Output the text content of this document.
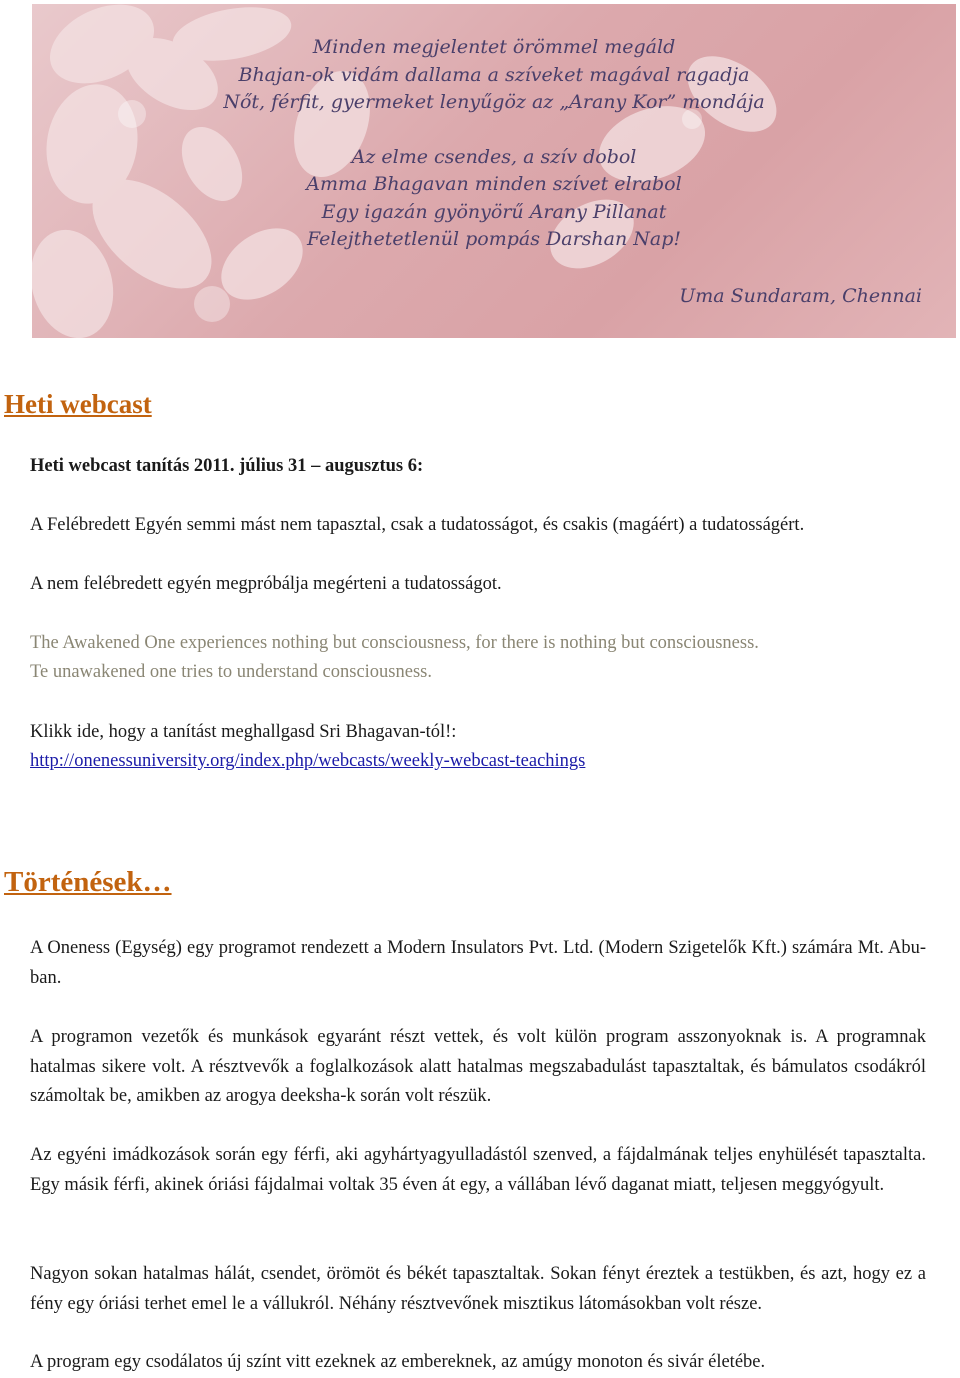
Minden megjelentet örömmel megáld
Bhajan-ok vidám dallama a szíveket magával ragadja
Nőt, férfit, gyermeket lenyűgöz az „Arany Kor” mondája
Az elme csendes, a szív dobol
Amma Bhagavan minden szívet elrabol
Egy igazán gyönyörű Arany Pillanat
Felejthetetlenül pompás Darshan Nap!
Uma Sundaram, Chennai
Heti webcast
Heti webcast tanítás 2011. július 31 – augusztus 6:
A Felébredett Egyén semmi mást nem tapasztal, csak a tudatosságot, és csakis (magáért) a tudatosságért.
A nem felébredett egyén megpróbálja megérteni a tudatosságot.
The Awakened One experiences nothing but consciousness, for there is nothing but consciousness.
Te unawakened one tries to understand consciousness.
Klikk ide, hogy a tanítást meghallgasd Sri Bhagavan-tól!:
http://onenessuniversity.org/index.php/webcasts/weekly-webcast-teachings
Történések…
A Oneness (Egység) egy programot rendezett a Modern Insulators Pvt. Ltd. (Modern Szigetelők Kft.) számára Mt. Abu-ban.
A programon vezetők és munkások egyaránt részt vettek, és volt külön program asszonyoknak is. A programnak hatalmas sikere volt. A résztvevők a foglalkozások alatt hatalmas megszabadulást tapasztaltak, és bámulatos csodákról számoltak be, amikben az arogya deeksha-k során volt részük.
Az egyéni imádkozások során egy férfi, aki agyhártyagyulladástól szenved, a fájdalmának teljes enyhülését tapasztalta. Egy másik férfi, akinek óriási fájdalmai voltak 35 éven át egy, a vállában lévő daganat miatt, teljesen meggyógyult.
Nagyon sokan hatalmas hálát, csendet, örömöt és békét tapasztaltak. Sokan fényt éreztek a testükben, és azt, hogy ez a fény egy óriási terhet emel le a vállukról. Néhány résztvevőnek misztikus látomásokban volt része.
A program egy csodálatos új színt vitt ezeknek az embereknek, az amúgy monoton és sivár életébe.
